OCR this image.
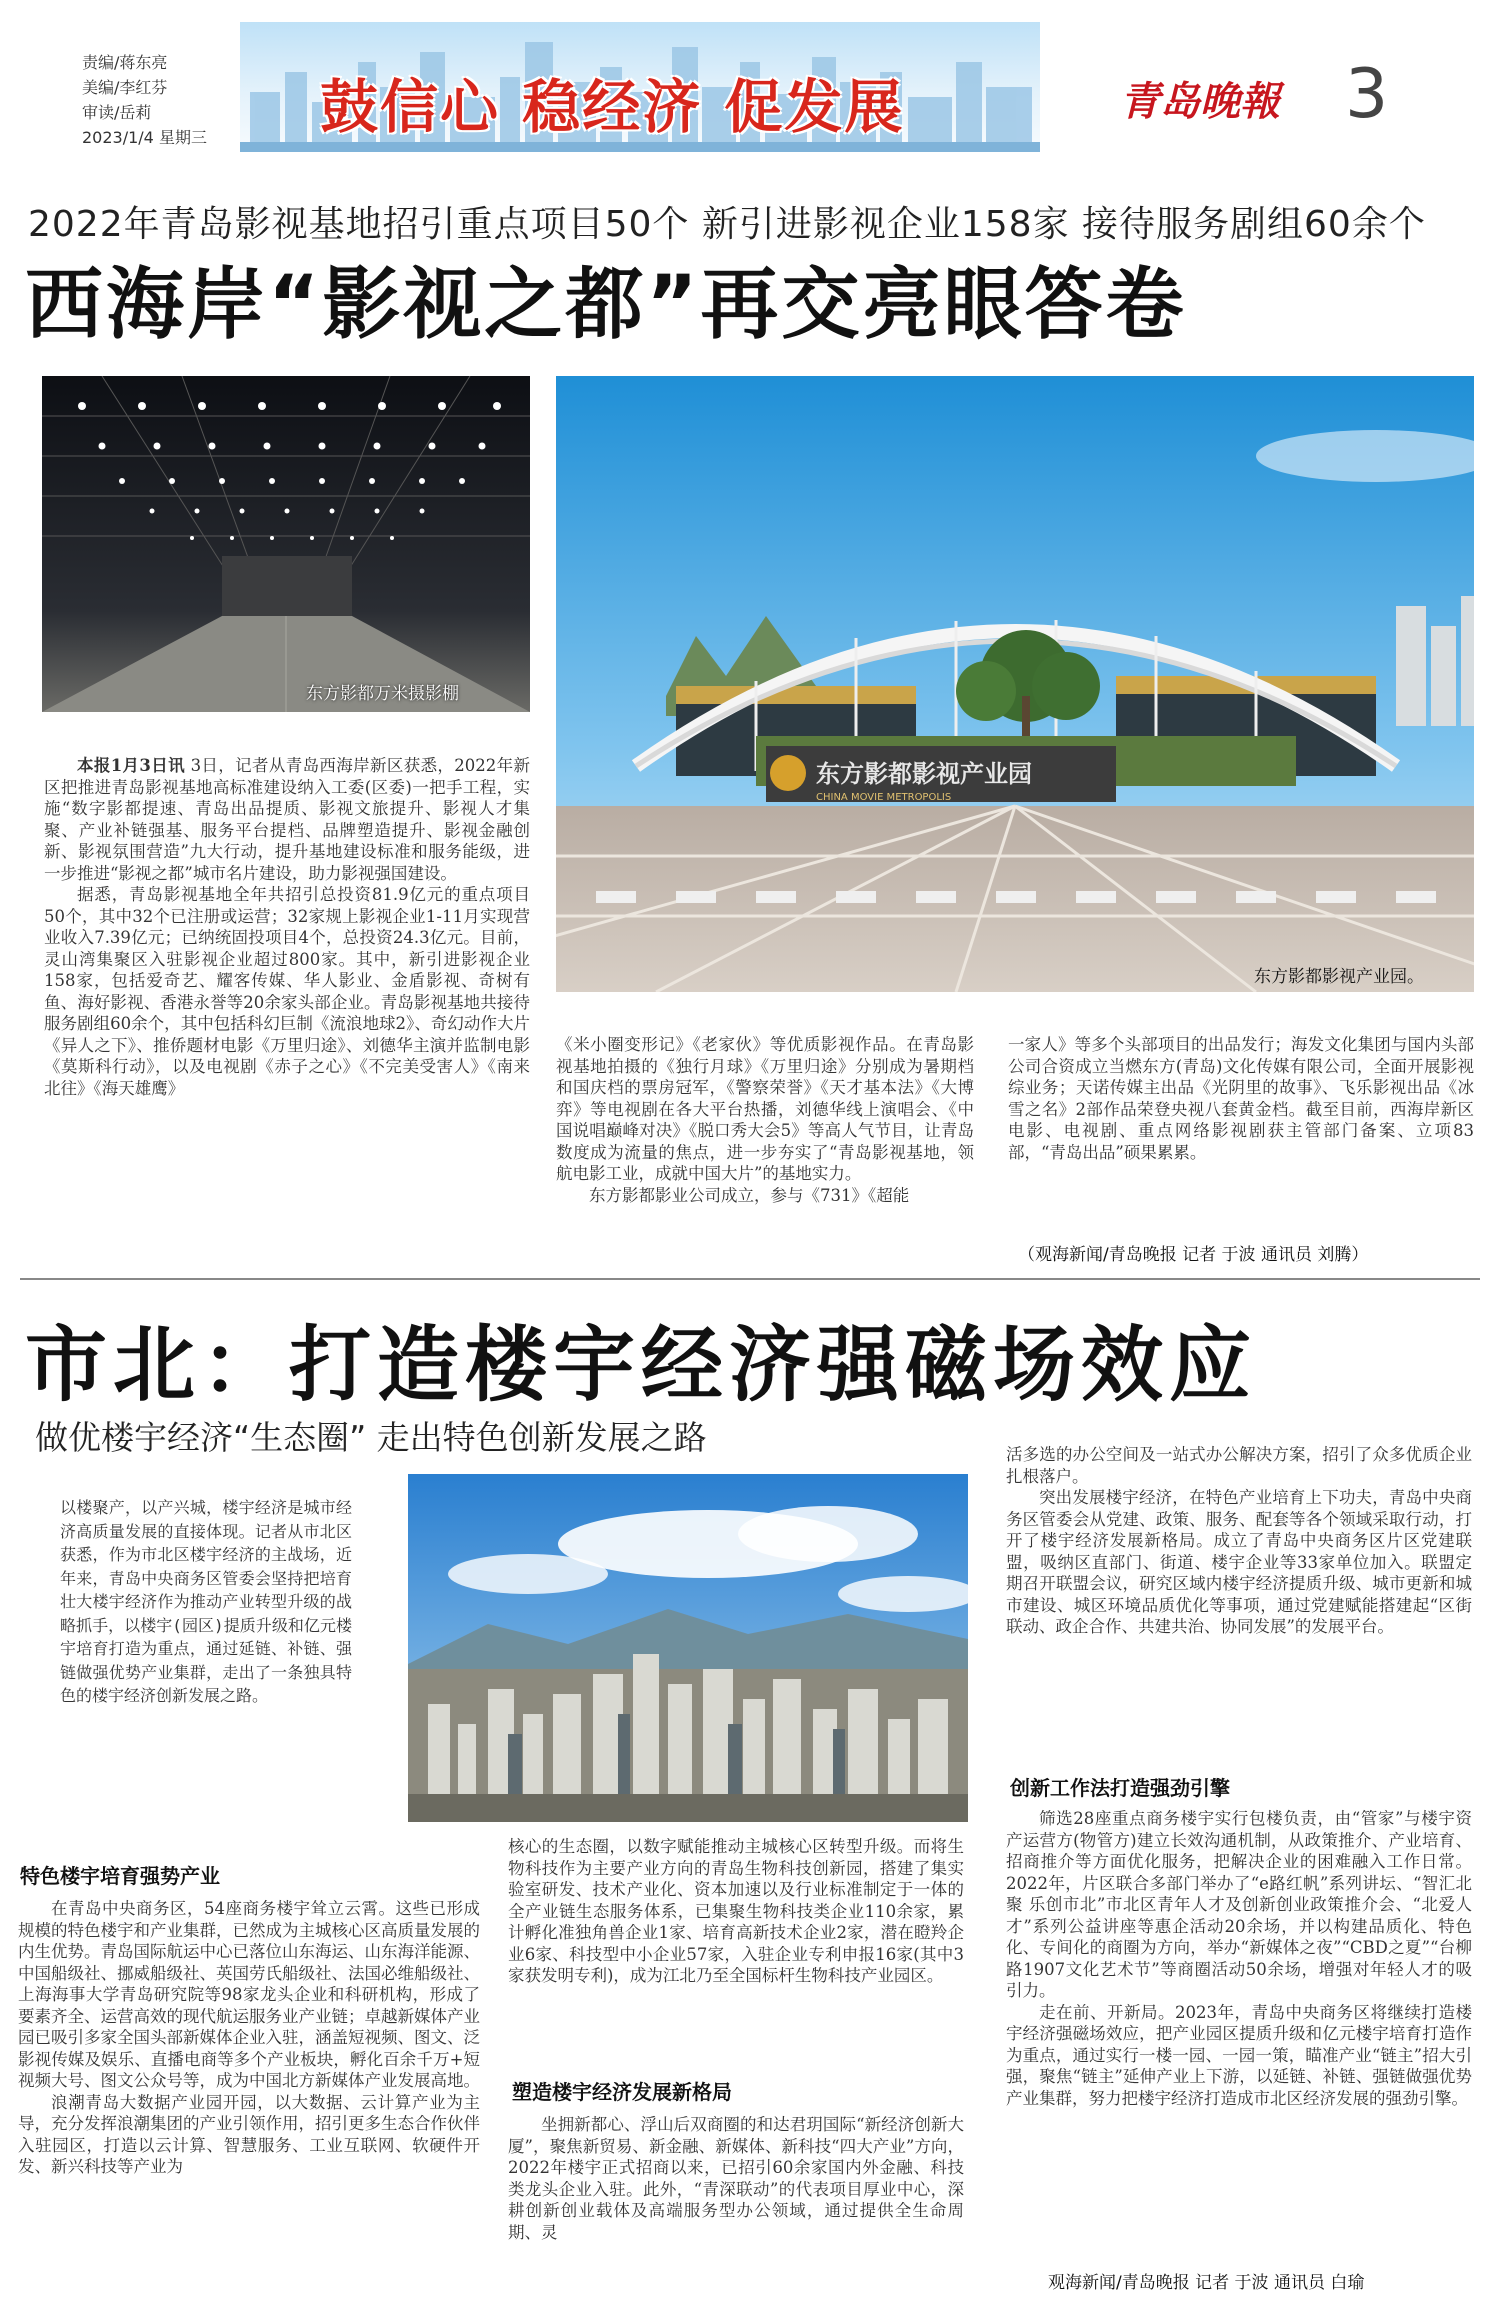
责编/蒋东亮
美编/李红芬
审读/岳莉
2023/1/4 星期三 鼓信心 稳经济 促发展	青岛晚報 3
2022年青岛影视基地招引重点项目50个 新引进影视企业158家 接待服务剧组60余个
西海岸“影视之都”再交亮眼答卷
东方影都万米摄影棚
东方影都影视产业园
CHINA MOVIE METROPOLIS
东方影都影视产业园。

本报1月3日讯 3日，记者从青岛西海岸新区获悉，2022年新区把推进青岛影视基地高标准建设纳入工委(区委)一把手工程，实施“数字影都提速、青岛出品提质、影视文旅提升、影视人才集聚、产业补链强基、服务平台提档、品牌塑造提升、影视金融创新、影视氛围营造”九大行动，提升基地建设标准和服务能级，进一步推进“影视之都”城市名片建设，助力影视强国建设。

据悉，青岛影视基地全年共招引总投资81.9亿元的重点项目50个，其中32个已注册或运营；32家规上影视企业1-11月实现营业收入7.39亿元；已纳统固投项目4个，总投资24.3亿元。目前，灵山湾集聚区入驻影视企业超过800家。其中，新引进影视企业158家，包括爱奇艺、耀客传媒、华人影业、金盾影视、奇树有鱼、海好影视、香港永誉等20余家头部企业。青岛影视基地共接待服务剧组60余个，其中包括科幻巨制《流浪地球2》、奇幻动作大片《异人之下》、推侨题材电影《万里归途》、刘德华主演并监制电影《莫斯科行动》，以及电视剧《赤子之心》《不完美受害人》《南来北往》《海天雄鹰》

《米小圈变形记》《老家伙》等优质影视作品。在青岛影视基地拍摄的《独行月球》《万里归途》分别成为暑期档和国庆档的票房冠军，《警察荣誉》《天才基本法》《大博弈》等电视剧在各大平台热播，刘德华线上演唱会、《中国说唱巅峰对决》《脱口秀大会5》等高人气节目，让青岛数度成为流量的焦点，进一步夯实了“青岛影视基地，领航电影工业，成就中国大片”的基地实力。

东方影都影业公司成立，参与《731》《超能

一家人》等多个头部项目的出品发行；海发文化集团与国内头部公司合资成立当燃东方(青岛)文化传媒有限公司，全面开展影视综业务；天诺传媒主出品《光阴里的故事》、飞乐影视出品《冰雪之名》2部作品荣登央视八套黄金档。截至目前，西海岸新区电影、电视剧、重点网络影视剧获主管部门备案、立项83部，“青岛出品”硕果累累。

（观海新闻/青岛晚报 记者 于波 通讯员 刘腾）
市北：打造楼宇经济强磁场效应
做优楼宇经济“生态圈” 走出特色创新发展之路
以楼聚产，以产兴城，楼宇经济是城市经济高质量发展的直接体现。记者从市北区获悉，作为市北区楼宇经济的主战场，近年来，青岛中央商务区管委会坚持把培育壮大楼宇经济作为推动产业转型升级的战略抓手，以楼宇(园区)提质升级和亿元楼宇培育打造为重点，通过延链、补链、强链做强优势产业集群，走出了一条独具特色的楼宇经济创新发展之路。
特色楼宇培育强势产业

在青岛中央商务区，54座商务楼宇耸立云霄。这些已形成规模的特色楼宇和产业集群，已然成为主城核心区高质量发展的内生优势。青岛国际航运中心已落位山东海运、山东海洋能源、中国船级社、挪威船级社、英国劳氏船级社、法国必维船级社、上海海事大学青岛研究院等98家龙头企业和科研机构，形成了要素齐全、运营高效的现代航运服务业产业链；卓越新媒体产业园已吸引多家全国头部新媒体企业入驻，涵盖短视频、图文、泛影视传媒及娱乐、直播电商等多个产业板块，孵化百余千万+短视频大号、图文公众号等，成为中国北方新媒体产业发展高地。

浪潮青岛大数据产业园开园，以大数据、云计算产业为主导，充分发挥浪潮集团的产业引领作用，招引更多生态合作伙伴入驻园区，打造以云计算、智慧服务、工业互联网、软硬件开发、新兴科技等产业为

核心的生态圈，以数字赋能推动主城核心区转型升级。而将生物科技作为主要产业方向的青岛生物科技创新园，搭建了集实验室研发、技术产业化、资本加速以及行业标准制定于一体的全产业链生态服务体系，已集聚生物科技类企业110余家，累计孵化准独角兽企业1家、培育高新技术企业2家，潜在瞪羚企业6家、科技型中小企业57家，入驻企业专利申报16家(其中3家获发明专利)，成为江北乃至全国标杆生物科技产业园区。

塑造楼宇经济发展新格局

坐拥新都心、浮山后双商圈的和达君玥国际“新经济创新大厦”，聚焦新贸易、新金融、新媒体、新科技“四大产业”方向，2022年楼宇正式招商以来，已招引60余家国内外金融、科技类龙头企业入驻。此外，“青深联动”的代表项目厚业中心，深耕创新创业载体及高端服务型办公领域，通过提供全生命周期、灵

活多选的办公空间及一站式办公解决方案，招引了众多优质企业扎根落户。

突出发展楼宇经济，在特色产业培育上下功夫，青岛中央商务区管委会从党建、政策、服务、配套等各个领域采取行动，打开了楼宇经济发展新格局。成立了青岛中央商务区片区党建联盟，吸纳区直部门、街道、楼宇企业等33家单位加入。联盟定期召开联盟会议，研究区域内楼宇经济提质升级、城市更新和城市建设、城区环境品质优化等事项，通过党建赋能搭建起“区街联动、政企合作、共建共治、协同发展”的发展平台。

创新工作法打造强劲引擎

筛选28座重点商务楼宇实行包楼负责，由“管家”与楼宇资产运营方(物管方)建立长效沟通机制，从政策推介、产业培育、招商推介等方面优化服务，把解决企业的困难融入工作日常。2022年，片区联合多部门举办了“e路红帆”系列讲坛、“智汇北聚 乐创市北”市北区青年人才及创新创业政策推介会、“北爱人才”系列公益讲座等惠企活动20余场，并以构建品质化、特色化、专间化的商圈为方向，举办“新媒体之夜”“CBD之夏”“台柳路1907文化艺术节”等商圈活动50余场，增强对年轻人才的吸引力。

走在前、开新局。2023年，青岛中央商务区将继续打造楼宇经济强磁场效应，把产业园区提质升级和亿元楼宇培育打造作为重点，通过实行一楼一园、一园一策，瞄准产业“链主”招大引强，聚焦“链主”延伸产业上下游，以延链、补链、强链做强优势产业集群，努力把楼宇经济打造成市北区经济发展的强劲引擎。

观海新闻/青岛晚报 记者 于波 通讯员 白瑜
